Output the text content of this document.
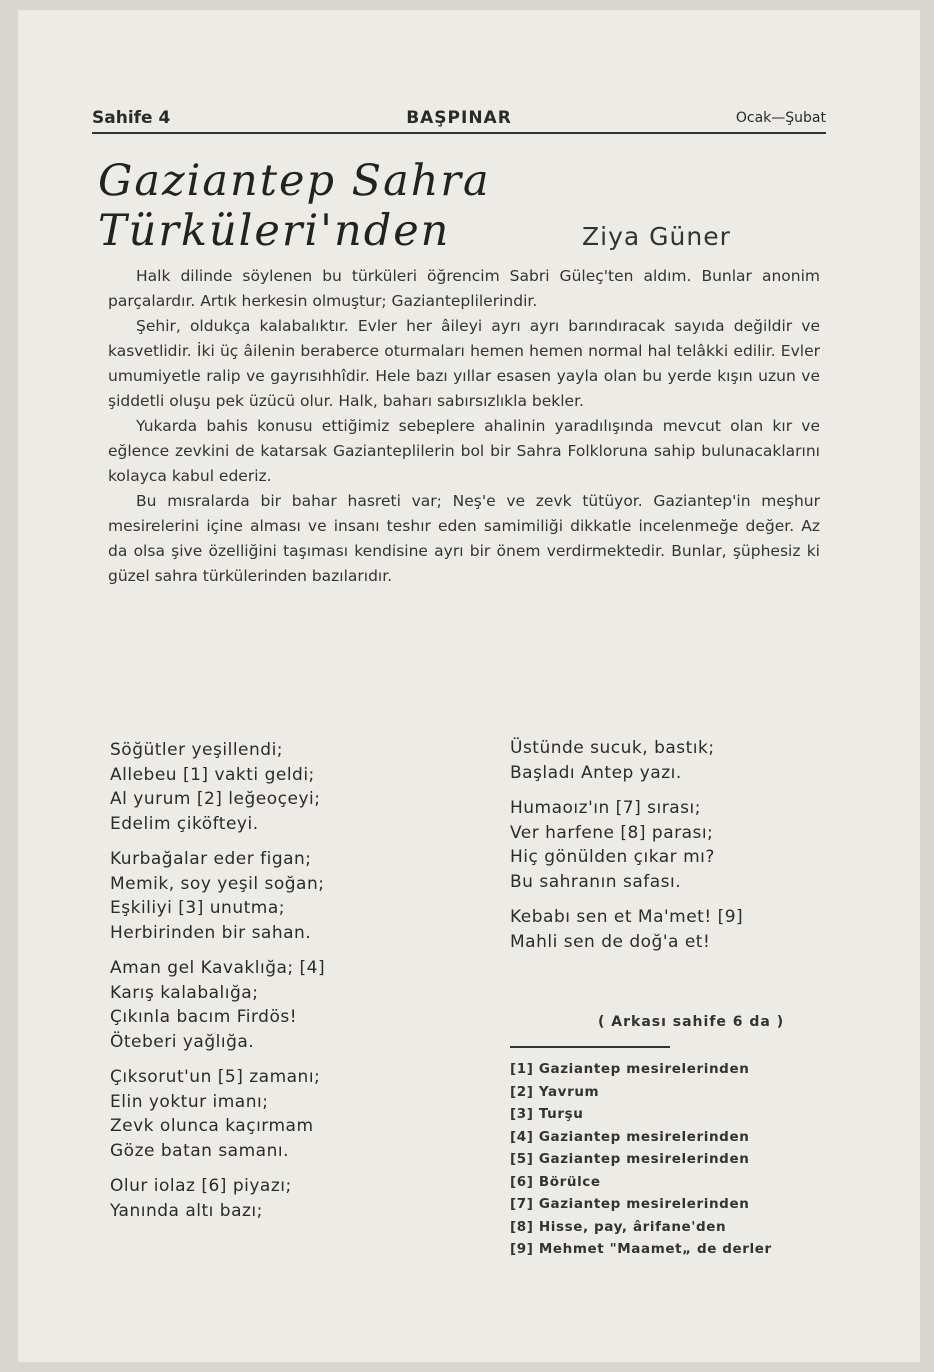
Sahife 4	BAŞPINAR	Ocak—Şubat
Gaziantep Sahra Türküleri'nden	Ziya Güner

Halk dilinde söylenen bu türküleri öğrencim Sabri Güleç'ten aldım. Bunlar anonim parçalardır. Artık herkesin olmuştur; Gazianteplilerindir.

Şehir, oldukça kalabalıktır. Evler her âileyi ayrı ayrı barındıracak sayıda değildir ve kasvetlidir. İki üç âilenin beraberce oturmaları hemen hemen normal hal telâkki edilir. Evler umumiyetle ralip ve gayrısıhhîdir. Hele bazı yıllar esasen yayla olan bu yerde kışın uzun ve şiddetli oluşu pek üzücü olur. Halk, baharı sabırsızlıkla bekler.

Yukarda bahis konusu ettiğimiz sebeplere ahalinin yaradılışında mevcut olan kır ve eğlence zevkini de katarsak Gazianteplilerin bol bir Sahra Folkloruna sahip bulunacaklarını kolayca kabul ederiz.

Bu mısralarda bir bahar hasreti var; Neş'e ve zevk tütüyor. Gaziantep'in meşhur mesirelerini içine alması ve insanı teshır eden samimiliği dikkatle incelenmeğe değer. Az da olsa şive özelliğini taşıması kendisine ayrı bir önem verdirmektedir. Bunlar, şüphesiz ki güzel sahra türkülerinden bazılarıdır.

Söğütler yeşillendi;
Allebeu [1] vakti geldi;
Al yurum [2] leğeoçeyi;
Edelim çiköfteyi.
Kurbağalar eder figan;
Memik, soy yeşil soğan;
Eşkiliyi [3] unutma;
Herbirinden bir sahan.
Aman gel Kavaklığa; [4]
Karış kalabalığa;
Çıkınla bacım Firdös!
Öteberi yağlığa.
Çıksorut'un [5] zamanı;
Elin yoktur imanı;
Zevk olunca kaçırmam
Göze batan samanı.
Olur iolaz [6] piyazı;
Yanında altı bazı;
Üstünde sucuk, bastık;
Başladı Antep yazı.
Humaoız'ın [7] sırası;
Ver harfene [8] parası;
Hiç gönülden çıkar mı?
Bu sahranın safası.
Kebabı sen et Ma'met! [9]
Mahli sen de doğ'a et!
( Arkası sahife 6 da )
[1] Gaziantep mesirelerinden
[2] Yavrum
[3] Turşu
[4] Gaziantep mesirelerinden
[5] Gaziantep mesirelerinden
[6] Börülce
[7] Gaziantep mesirelerinden
[8] Hisse, pay, ârifane'den
[9] Mehmet "Maamet„ de derler
